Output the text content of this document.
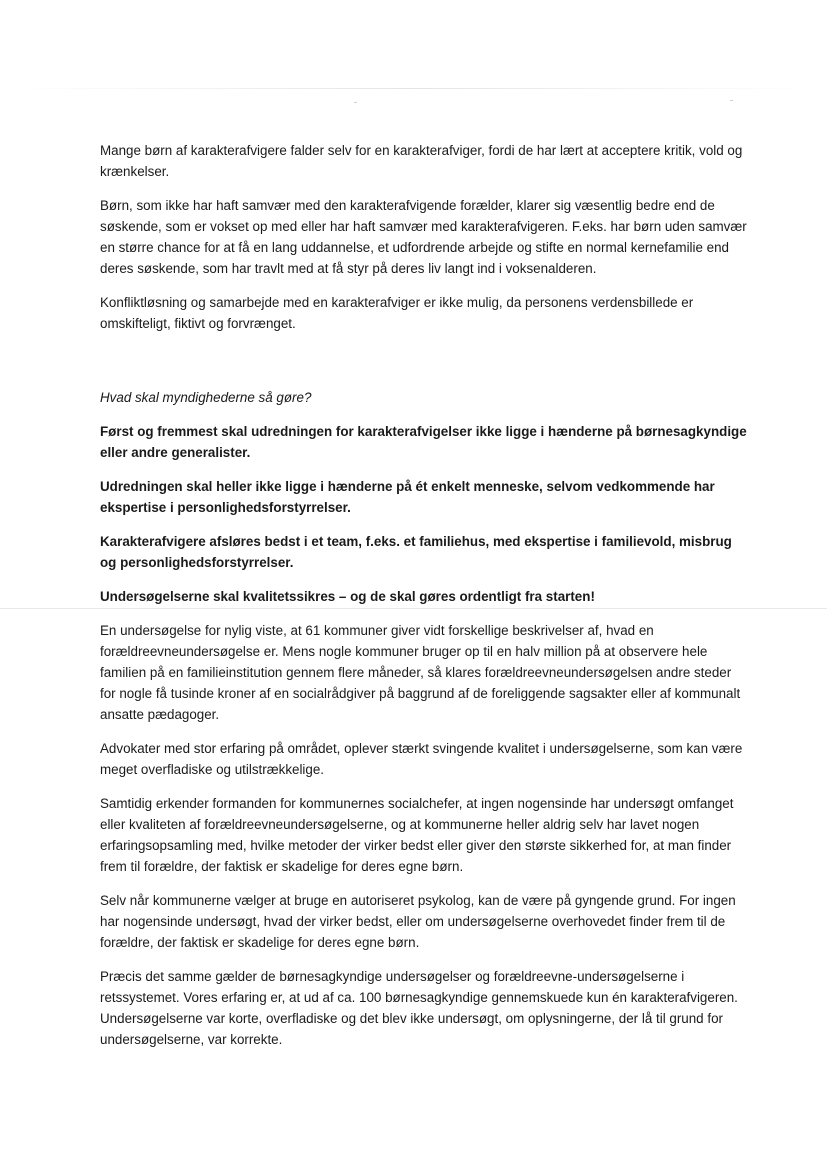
Mange børn af karakterafvigere falder selv for en karakterafviger, fordi de har lært at acceptere kritik, vold og krænkelser.

Børn, som ikke har haft samvær med den karakterafvigende forælder, klarer sig væsentlig bedre end de søskende, som er vokset op med eller har haft samvær med karakterafvigeren. F.eks. har børn uden samvær en større chance for at få en lang uddannelse, et udfordrende arbejde og stifte en normal kernefamilie end deres søskende, som har travlt med at få styr på deres liv langt ind i voksenalderen.

Konfliktløsning og samarbejde med en karakterafviger er ikke mulig, da personens verdensbillede er omskifteligt, fiktivt og forvrænget.

Hvad skal myndighederne så gøre?

Først og fremmest skal udredningen for karakterafvigelser ikke ligge i hænderne på børnesagkyndige eller andre generalister.

Udredningen skal heller ikke ligge i hænderne på ét enkelt menneske, selvom vedkommende har ekspertise i personlighedsforstyrrelser.

Karakterafvigere afsløres bedst i et team, f.eks. et familiehus, med ekspertise i familievold, misbrug og personlighedsforstyrrelser.

Undersøgelserne skal kvalitetssikres – og de skal gøres ordentligt fra starten!

En undersøgelse for nylig viste, at 61 kommuner giver vidt forskellige beskrivelser af, hvad en forældreevneundersøgelse er. Mens nogle kommuner bruger op til en halv million på at observere hele familien på en familieinstitution gennem flere måneder, så klares forældreevneundersøgelsen andre steder for nogle få tusinde kroner af en socialrådgiver på baggrund af de foreliggende sagsakter eller af kommunalt ansatte pædagoger.

Advokater med stor erfaring på området, oplever stærkt svingende kvalitet i undersøgelserne, som kan være meget overfladiske og utilstrækkelige.

Samtidig erkender formanden for kommunernes socialchefer, at ingen nogensinde har undersøgt omfanget eller kvaliteten af forældreevneundersøgelserne, og at kommunerne heller aldrig selv har lavet nogen erfaringsopsamling med, hvilke metoder der virker bedst eller giver den største sikkerhed for, at man finder frem til forældre, der faktisk er skadelige for deres egne børn.

Selv når kommunerne vælger at bruge en autoriseret psykolog, kan de være på gyngende grund. For ingen har nogensinde undersøgt, hvad der virker bedst, eller om undersøgelserne overhovedet finder frem til de forældre, der faktisk er skadelige for deres egne børn.

Præcis det samme gælder de børnesagkyndige undersøgelser og forældreevne-undersøgelserne i retssystemet. Vores erfaring er, at ud af ca. 100 børnesagkyndige gennemskuede kun én karakterafvigeren. Undersøgelserne var korte, overfladiske og det blev ikke undersøgt, om oplysningerne, der lå til grund for undersøgelserne, var korrekte.
